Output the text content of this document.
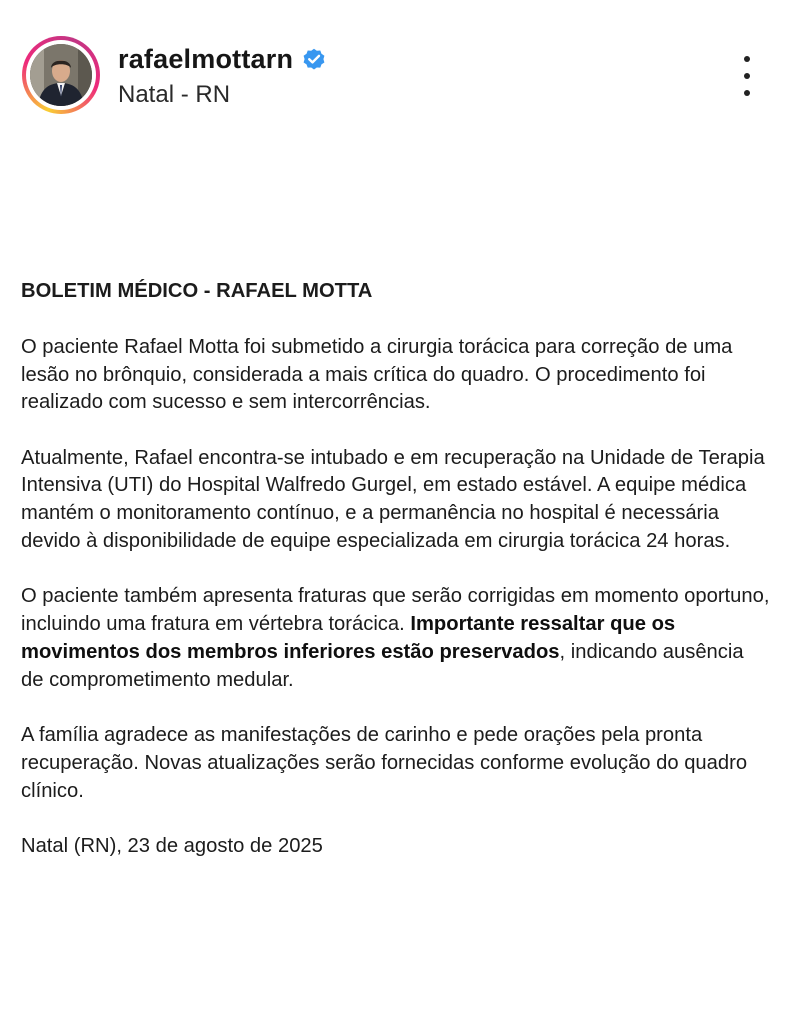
rafaelmottarn
Natal - RN
BOLETIM MÉDICO - RAFAEL MOTTA

O paciente Rafael Motta foi submetido a cirurgia torácica para correção de uma lesão no brônquio, considerada a mais crítica do quadro. O procedimento foi realizado com sucesso e sem intercorrências.

Atualmente, Rafael encontra-se intubado e em recuperação na Unidade de Terapia Intensiva (UTI) do Hospital Walfredo Gurgel, em estado estável. A equipe médica mantém o monitoramento contínuo, e a permanência no hospital é necessária devido à disponibilidade de equipe especializada em cirurgia torácica 24 horas.

O paciente também apresenta fraturas que serão corrigidas em momento oportuno, incluindo uma fratura em vértebra torácica. Importante ressaltar que os movimentos dos membros inferiores estão preservados, indicando ausência de comprometimento medular.

A família agradece as manifestações de carinho e pede orações pela pronta recuperação. Novas atualizações serão fornecidas conforme evolução do quadro clínico.

Natal (RN), 23 de agosto de 2025
